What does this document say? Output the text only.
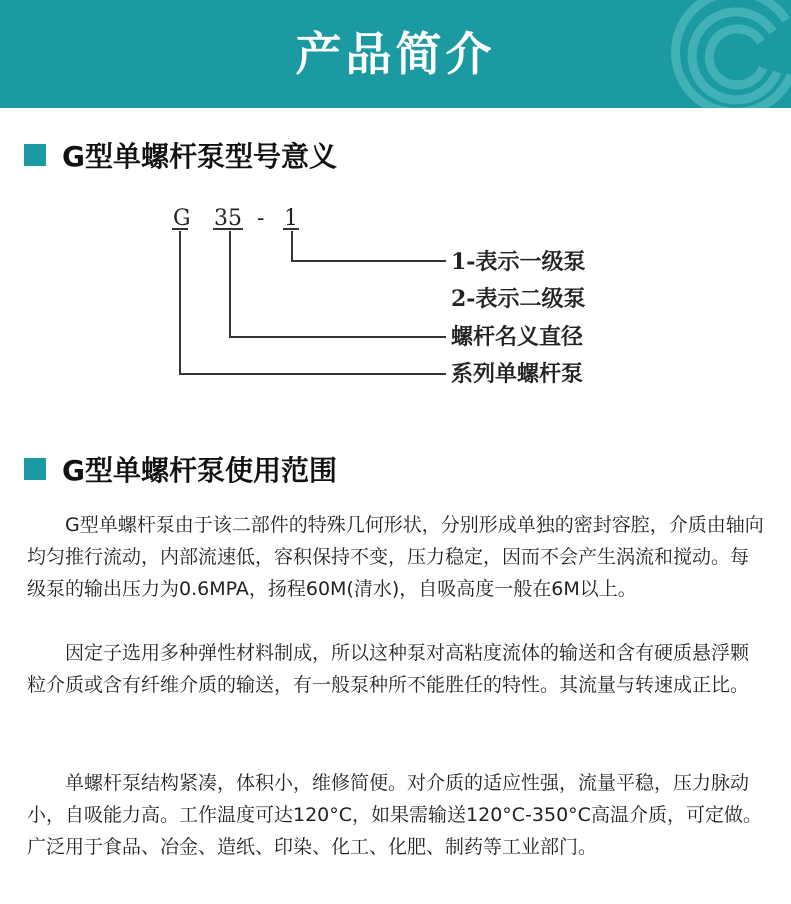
产品简介
G型单螺杆泵型号意义
G 35 - 1
1-表示一级泵
2-表示二级泵
螺杆名义直径
系列单螺杆泵
G型单螺杆泵使用范围

G型单螺杆泵由于该二部件的特殊几何形状，分别形成单独的密封容腔，介质由轴向均匀推行流动，内部流速低，容积保持不变，压力稳定，因而不会产生涡流和搅动。每级泵的输出压力为0.6MPA，扬程60M(清水)，自吸高度一般在6M以上。

因定子选用多种弹性材料制成，所以这种泵对高粘度流体的输送和含有硬质悬浮颗粒介质或含有纤维介质的输送，有一般泵种所不能胜任的特性。其流量与转速成正比。

单螺杆泵结构紧凑，体积小，维修简便。对介质的适应性强，流量平稳，压力脉动小，自吸能力高。工作温度可达120°C，如果需输送120°C-350°C高温介质，可定做。广泛用于食品、冶金、造纸、印染、化工、化肥、制药等工业部门。
